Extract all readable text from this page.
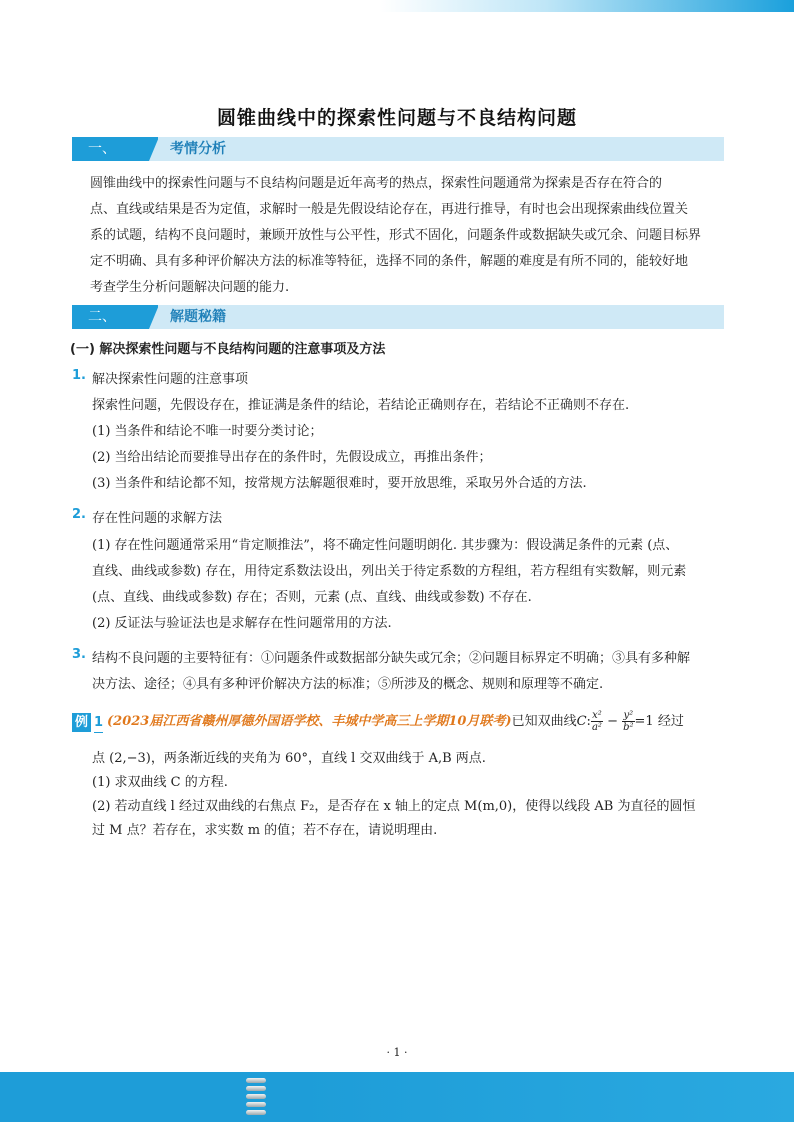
圆锥曲线中的探索性问题与不良结构问题
一、	考情分析
圆锥曲线中的探索性问题与不良结构问题是近年高考的热点，探索性问题通常为探索是否存在符合的
点、直线或结果是否为定值，求解时一般是先假设结论存在，再进行推导，有时也会出现探索曲线位置关
系的试题，结构不良问题时，兼顾开放性与公平性，形式不固化，问题条件或数据缺失或冗余、问题目标界
定不明确、具有多种评价解决方法的标准等特征，选择不同的条件，解题的难度是有所不同的，能较好地
考查学生分析问题解决问题的能力.
二、	解题秘籍
(一) 解决探索性问题与不良结构问题的注意事项及方法
1. 解决探索性问题的注意事项
探索性问题，先假设存在，推证满是条件的结论，若结论正确则存在，若结论不正确则不存在.
(1) 当条件和结论不唯一时要分类讨论；
(2) 当给出结论而要推导出存在的条件时，先假设成立，再推出条件；
(3) 当条件和结论都不知，按常规方法解题很难时，要开放思维，采取另外合适的方法.
2. 存在性问题的求解方法
(1) 存在性问题通常采用“肯定顺推法”，将不确定性问题明朗化. 其步骤为：假设满足条件的元素 (点、
直线、曲线或参数) 存在，用待定系数法设出，列出关于待定系数的方程组，若方程组有实数解，则元素
(点、直线、曲线或参数) 存在；否则，元素 (点、直线、曲线或参数) 不存在.
(2) 反证法与验证法也是求解存在性问题常用的方法.
3. 结构不良问题的主要特征有：①问题条件或数据部分缺失或冗余；②问题目标界定不明确；③具有多种解
决方法、途径；④具有多种评价解决方法的标准；⑤所涉及的概念、规则和原理等不确定.
例 1 (2023届江西省赣州厚德外国语学校、丰城中学高三上学期10月联考)已知双曲线C: $\frac{\text{x²}}{\text{a²}} - \frac{\text{y²}}{\text{b²}} =1$ 经过
点 (2,−3)，两条渐近线的夹角为 60°，直线 l 交双曲线于 A,B 两点.
(1) 求双曲线 C 的方程.
(2) 若动直线 l 经过双曲线的右焦点 F₂，是否存在 x 轴上的定点 M(m,0)，使得以线段 AB 为直径的圆恒
过 M 点？若存在，求实数 m 的值；若不存在，请说明理由.
· 1 ·
